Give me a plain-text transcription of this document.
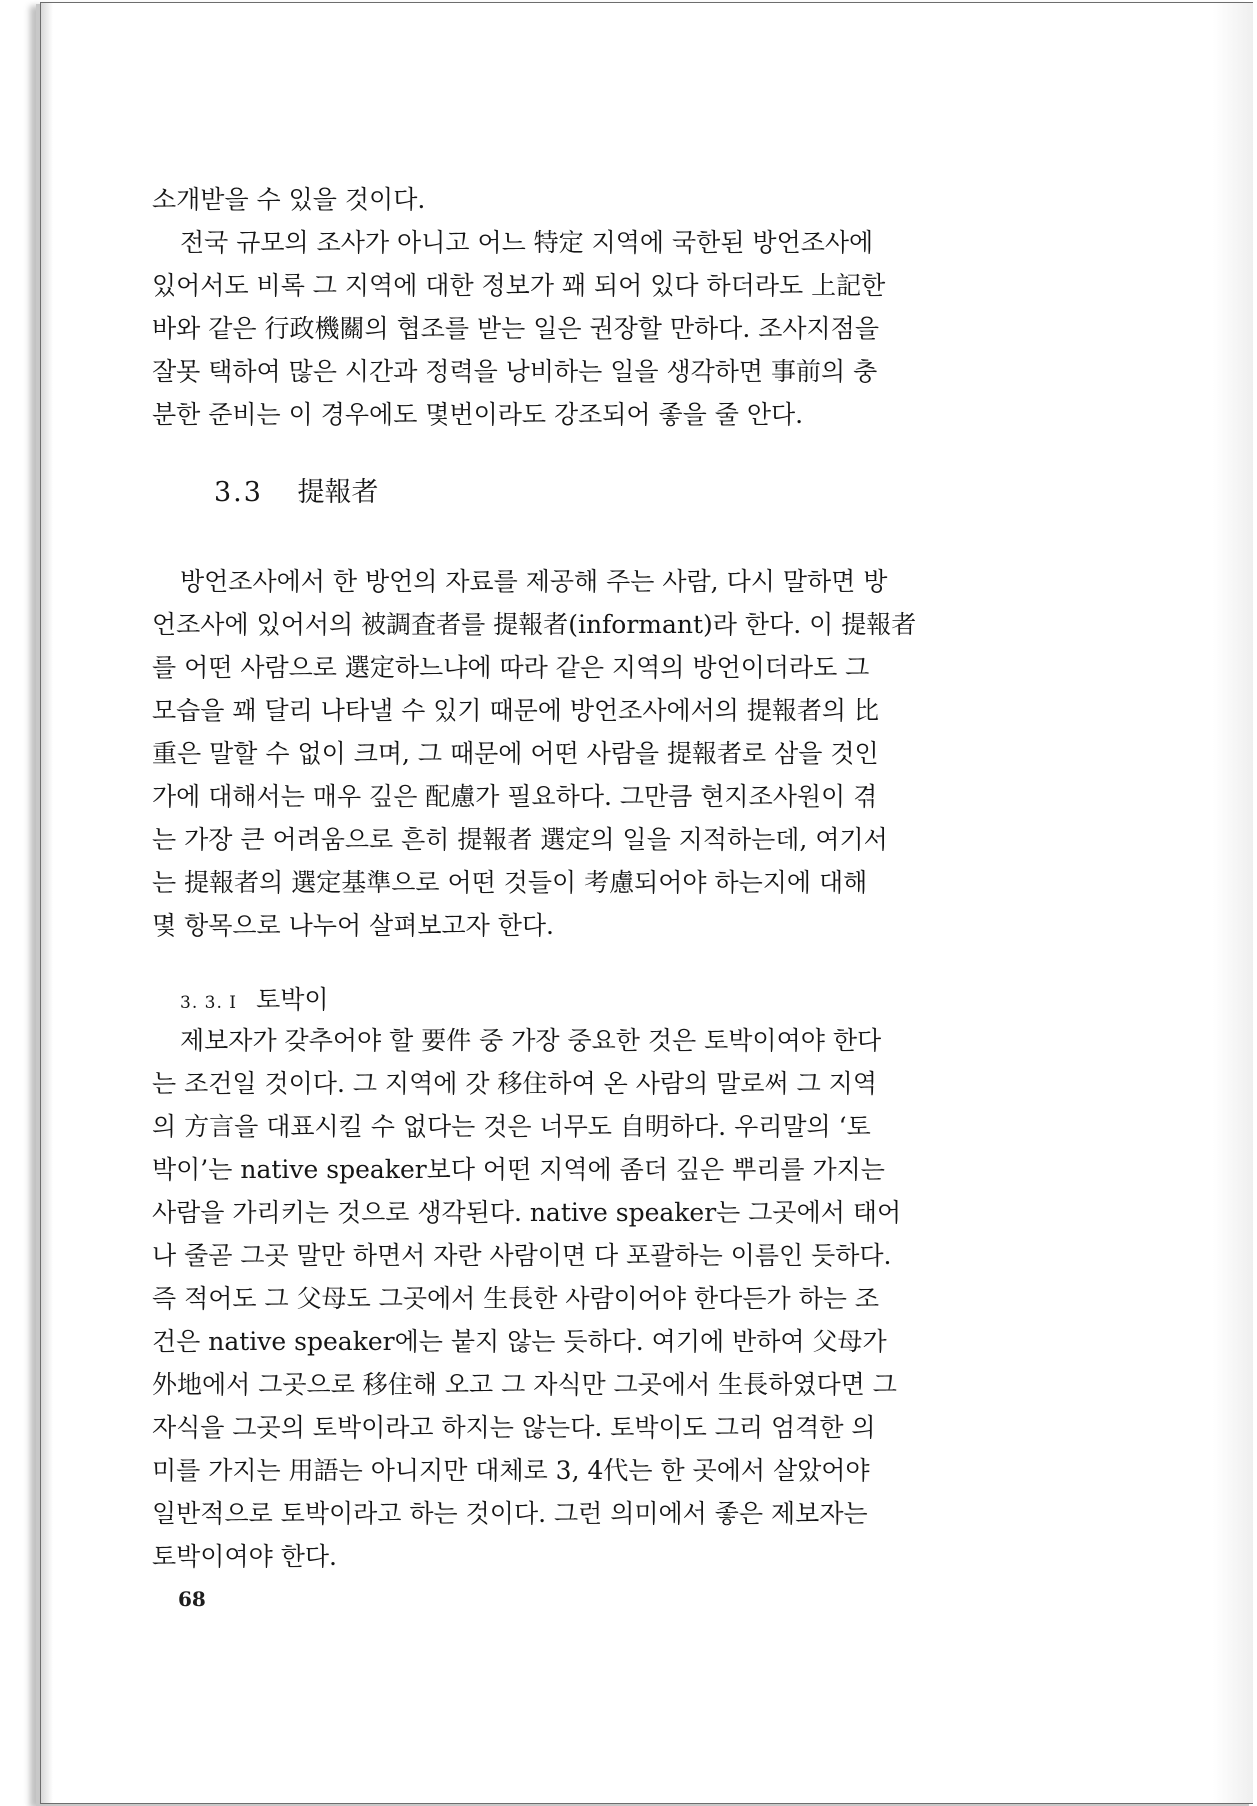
소개받을 수 있을 것이다.
전국 규모의 조사가 아니고 어느 特定 지역에 국한된 방언조사에
있어서도 비록 그 지역에 대한 정보가 꽤 되어 있다 하더라도 上記한
바와 같은 行政機關의 협조를 받는 일은 권장할 만하다. 조사지점을
잘못 택하여 많은 시간과 정력을 낭비하는 일을 생각하면 事前의 충
분한 준비는 이 경우에도 몇번이라도 강조되어 좋을 줄 안다.
3.3 提報者
방언조사에서 한 방언의 자료를 제공해 주는 사람, 다시 말하면 방
언조사에 있어서의 被調査者를 提報者(informant)라 한다. 이 提報者
를 어떤 사람으로 選定하느냐에 따라 같은 지역의 방언이더라도 그
모습을 꽤 달리 나타낼 수 있기 때문에 방언조사에서의 提報者의 比
重은 말할 수 없이 크며, 그 때문에 어떤 사람을 提報者로 삼을 것인
가에 대해서는 매우 깊은 配慮가 필요하다. 그만큼 현지조사원이 겪
는 가장 큰 어려움으로 흔히 提報者 選定의 일을 지적하는데, 여기서
는 提報者의 選定基準으로 어떤 것들이 考慮되어야 하는지에 대해
몇 항목으로 나누어 살펴보고자 한다.
3. 3. I 토박이
제보자가 갖추어야 할 要件 중 가장 중요한 것은 토박이여야 한다
는 조건일 것이다. 그 지역에 갓 移住하여 온 사람의 말로써 그 지역
의 方言을 대표시킬 수 없다는 것은 너무도 自明하다. 우리말의 ‘토
박이’는 native speaker보다 어떤 지역에 좀더 깊은 뿌리를 가지는
사람을 가리키는 것으로 생각된다. native speaker는 그곳에서 태어
나 줄곧 그곳 말만 하면서 자란 사람이면 다 포괄하는 이름인 듯하다.
즉 적어도 그 父母도 그곳에서 生長한 사람이어야 한다든가 하는 조
건은 native speaker에는 붙지 않는 듯하다. 여기에 반하여 父母가
外地에서 그곳으로 移住해 오고 그 자식만 그곳에서 生長하였다면 그
자식을 그곳의 토박이라고 하지는 않는다. 토박이도 그리 엄격한 의
미를 가지는 用語는 아니지만 대체로 3, 4代는 한 곳에서 살았어야
일반적으로 토박이라고 하는 것이다. 그런 의미에서 좋은 제보자는
토박이여야 한다.
68
